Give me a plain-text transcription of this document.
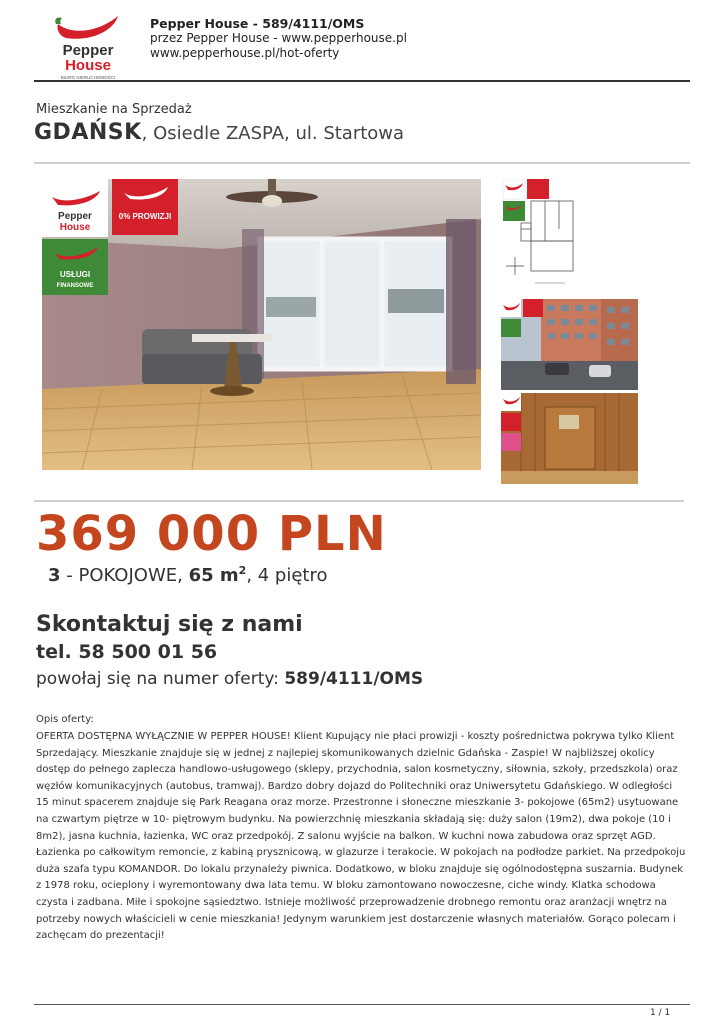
Pepper
House
BIURO NIERUCHOMOŚCI
Pepper House - 589/4111/OMS
przez Pepper House - www.pepperhouse.pl
www.pepperhouse.pl/hot-oferty
Mieszkanie na Sprzedaż
GDAŃSK, Osiedle ZASPA, ul. Startowa
Pepper
House
0% PROWIZJI
USŁUGI
FINANSOWE
369 000 PLN
3 - POKOJOWE, 65 $m^2$, 4 piętro
Skontaktuj się z nami
tel. 58 500 01 56
powołaj się na numer oferty: 589/4111/OMS
Opis oferty:

OFERTA DOSTĘPNA WYŁĄCZNIE W PEPPER HOUSE! Klient Kupujący nie płaci prowizji - koszty pośrednictwa pokrywa tylko Klient Sprzedający. Mieszkanie znajduje się w jednej z najlepiej skomunikowanych dzielnic Gdańska - Zaspie! W najbliższej okolicy dostęp do pełnego zaplecza handlowo-usługowego (sklepy, przychodnia, salon kosmetyczny, siłownia, szkoły, przedszkola) oraz węzłów komunikacyjnych (autobus, tramwaj). Bardzo dobry dojazd do Politechniki oraz Uniwersytetu Gdańskiego. W odległości 15 minut spacerem znajduje się Park Reagana oraz morze. Przestronne i słoneczne mieszkanie 3- pokojowe (65m2) usytuowane na czwartym piętrze w 10- piętrowym budynku. Na powierzchnię mieszkania składają się: duży salon (19m2), dwa pokoje (10 i 8m2), jasna kuchnia, łazienka, WC oraz przedpokój. Z salonu wyjście na balkon. W kuchni nowa zabudowa oraz sprzęt AGD. Łazienka po całkowitym remoncie, z kabiną prysznicową, w glazurze i terakocie. W pokojach na podłodze parkiet. Na przedpokoju duża szafa typu KOMANDOR. Do lokalu przynależy piwnica. Dodatkowo, w bloku znajduje się ogólnodostępna suszarnia. Budynek z 1978 roku, ocieplony i wyremontowany dwa lata temu. W bloku zamontowano nowoczesne, ciche windy. Klatka schodowa czysta i zadbana. Miłe i spokojne sąsiedztwo. Istnieje możliwość przeprowadzenie drobnego remontu oraz aranżacji wnętrz na potrzeby nowych właścicieli w cenie mieszkania! Jedynym warunkiem jest dostarczenie własnych materiałów. Gorąco polecam i zachęcam do prezentacji!

1 / 1
